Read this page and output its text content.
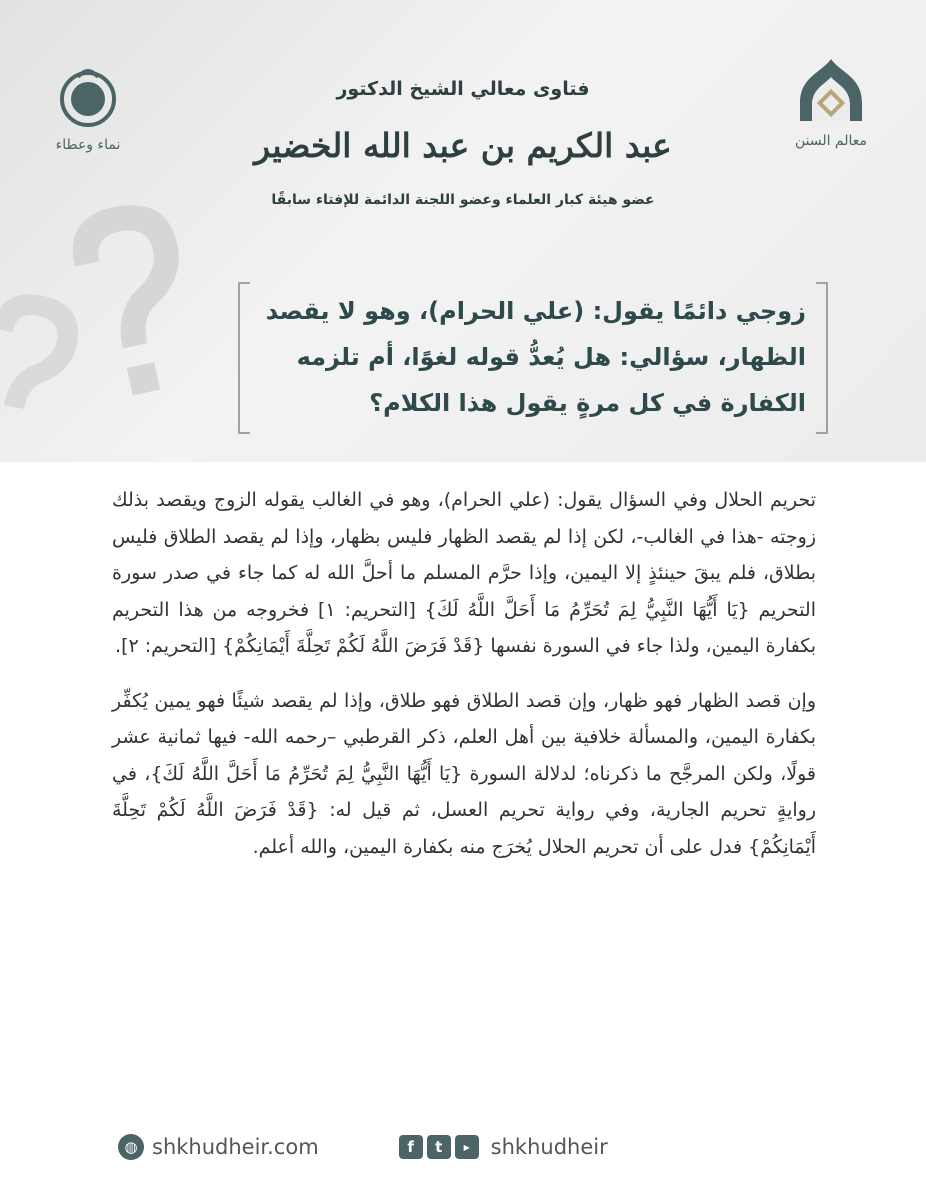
معالم السنن
نماء وعطاء
فتاوى معالي الشيخ الدكتور
عبد الكريم بن عبد الله الخضير
عضو هيئة كبار العلماء وعضو اللجنة الدائمة للإفتاء سابقًا
زوجي دائمًا يقول: (علي الحرام)، وهو لا يقصد الظهار، سؤالي: هل يُعدُّ قوله لغوًا، أم تلزمه الكفارة في كل مرةٍ يقول هذا الكلام؟

تحريم الحلال وفي السؤال يقول: (علي الحرام)، وهو في الغالب يقوله الزوج ويقصد بذلك زوجته -هذا في الغالب-، لكن إذا لم يقصد الظهار فليس بظهار، وإذا لم يقصد الطلاق فليس بطلاق، فلم يبقَ حينئذٍ إلا اليمين، وإذا حرَّم المسلم ما أحلَّ الله له كما جاء في صدر سورة التحريم {يَا أَيُّهَا النَّبِيُّ لِمَ تُحَرِّمُ مَا أَحَلَّ اللَّهُ لَكَ} [التحريم: ١] فخروجه من هذا التحريم بكفارة اليمين، ولذا جاء في السورة نفسها {قَدْ فَرَضَ اللَّهُ لَكُمْ تَحِلَّةَ أَيْمَانِكُمْ} [التحريم: ٢].

وإن قصد الظهار فهو ظهار، وإن قصد الطلاق فهو طلاق، وإذا لم يقصد شيئًا فهو يمين يُكفِّر بكفارة اليمين، والمسألة خلافية بين أهل العلم، ذكر القرطبي –رحمه الله- فيها ثمانية عشر قولًا، ولكن المرجَّح ما ذكرناه؛ لدلالة السورة {يَا أَيُّهَا النَّبِيُّ لِمَ تُحَرِّمُ مَا أَحَلَّ اللَّهُ لَكَ}، في روايةٍ تحريم الجارية، وفي رواية تحريم العسل، ثم قيل له: {قَدْ فَرَضَ اللَّهُ لَكُمْ تَحِلَّةَ أَيْمَانِكُمْ} فدل على أن تحريم الحلال يُخرَج منه بكفارة اليمين، والله أعلم.

◍ shkhudheir.com	f	t	▶ shkhudheir
